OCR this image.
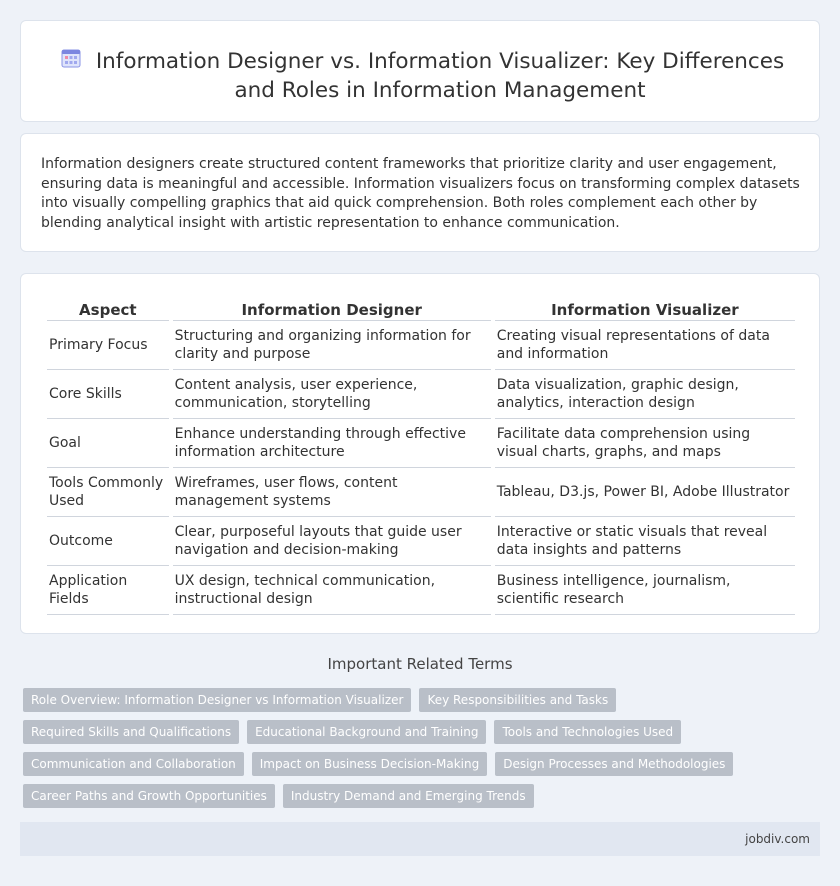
Information Designer vs. Information Visualizer: Key Differences and Roles in Information Management

Information designers create structured content frameworks that prioritize clarity and user engagement, ensuring data is meaningful and accessible. Information visualizers focus on transforming complex datasets into visually compelling graphics that aid quick comprehension. Both roles complement each other by blending analytical insight with artistic representation to enhance communication.

Aspect	Information Designer	Information Visualizer
Primary Focus	Structuring and organizing information for clarity and purpose	Creating visual representations of data and information
Core Skills	Content analysis, user experience, communication, storytelling	Data visualization, graphic design, analytics, interaction design
Goal	Enhance understanding through effective information architecture	Facilitate data comprehension using visual charts, graphs, and maps
Tools Commonly Used	Wireframes, user flows, content management systems	Tableau, D3.js, Power BI, Adobe Illustrator
Outcome	Clear, purposeful layouts that guide user navigation and decision-making	Interactive or static visuals that reveal data insights and patterns
Application Fields	UX design, technical communication, instructional design	Business intelligence, journalism, scientific research
Important Related Terms
Role Overview: Information Designer vs Information Visualizer	Key Responsibilities and Tasks
Required Skills and Qualifications	Educational Background and Training	Tools and Technologies Used
Communication and Collaboration	Impact on Business Decision-Making	Design Processes and Methodologies
Career Paths and Growth Opportunities	Industry Demand and Emerging Trends
jobdiv.com
